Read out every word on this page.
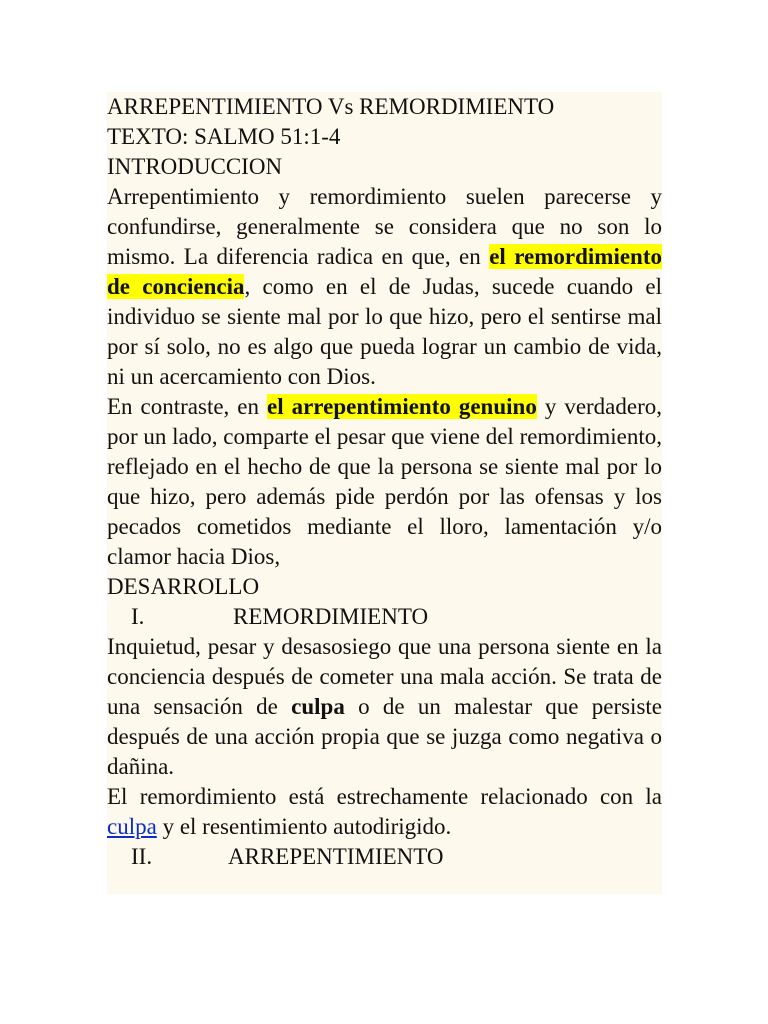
ARREPENTIMIENTO Vs REMORDIMIENTO
TEXTO: SALMO 51:1-4
INTRODUCCION
Arrepentimiento y remordimiento suelen parecerse y confundirse, generalmente se considera que no son lo mismo. La diferencia radica en que, en el remordimiento de conciencia, como en el de Judas, sucede cuando el individuo se siente mal por lo que hizo, pero el sentirse mal por sí solo, no es algo que pueda lograr un cambio de vida, ni un acercamiento con Dios.
En contraste, en el arrepentimiento genuino y verdadero, por un lado, comparte el pesar que viene del remordimiento, reflejado en el hecho de que la persona se siente mal por lo que hizo, pero además pide perdón por las ofensas y los pecados cometidos mediante el lloro, lamentación y/o clamor hacia Dios,
DESARROLLO
I.	REMORDIMIENTO
Inquietud, pesar y desasosiego que una persona siente en la conciencia después de cometer una mala acción. Se trata de una sensación de culpa o de un malestar que persiste después de una acción propia que se juzga como negativa o dañina.
El remordimiento está estrechamente relacionado con la culpa y el resentimiento autodirigido.
II.	ARREPENTIMIENTO
